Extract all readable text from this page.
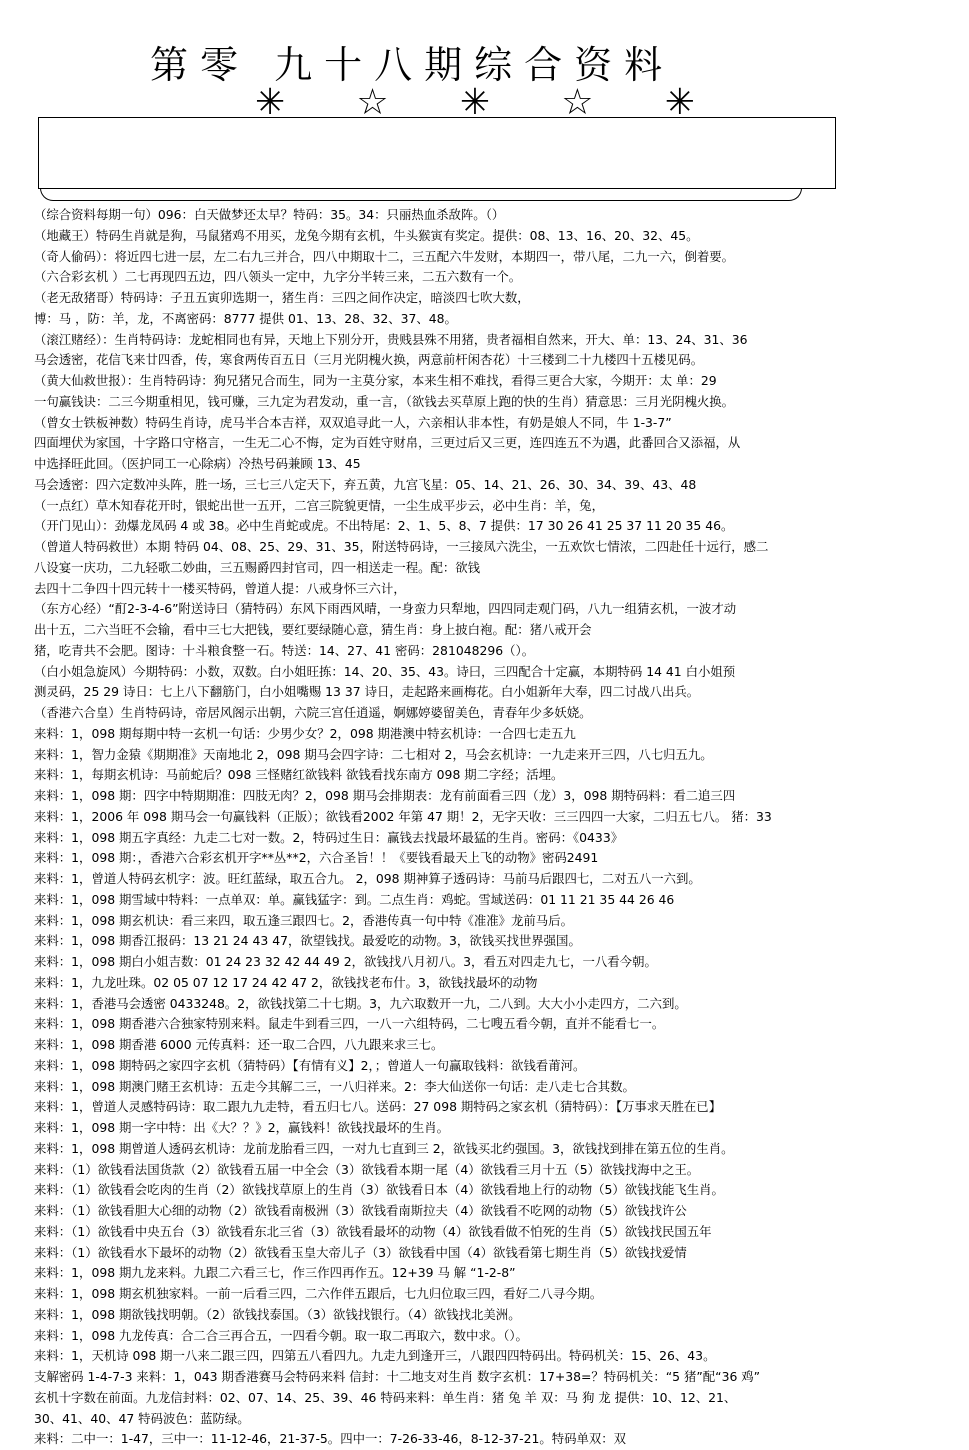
第零 九十八期综合资料
✳ ☆ ✳ ☆ ✳
（综合资料每期一句）096：白天做梦还太早？特码：35。34：只丽热血杀敌阵。（）
（地藏王）特码生肖就是狗，马鼠猪鸡不用买，龙兔今期有玄机，牛头猴寅有奖定。提供：08、13、16、20、32、45。
（奇人偷码）：将近四七进一层，左二右九三并合，四八中期取十二，三五配六牛发财，本期四一，带八尾，二九一六，倒着要。
（六合彩玄机 ）二七再现四五边，四八领头一定中，九字分半转三来，二五六数有一个。
（老无敌猪哥）特码诗：子丑五寅卯选期一，猪生肖：三四之间作决定，暗淡四七吹大数，
博：马 ，防：羊，龙，不离密码：8777 提供 01、13、28、32、37、48。
（滚江赌经）：生肖特码诗：龙蛇相同也有异，天地上下别分开，贵贱县殊不用猪，贵者福相自然来，开大、单：13、24、31、36
马会透密，花信飞来廿四香，传，寒食两传百五日（三月光阴槐火换，两意前杆闲杏花）十三楼到二十九楼四十五楼见码。
（黄大仙救世报）：生肖特码诗：狗兄猪兄合而生，同为一主莫分家，本来生相不难找，看得三更合大家，今期开：太 单：29
一句赢钱诀：二三今期重相见，钱可赚，三九定为君发动，重一言，（欲钱去买草原上跑的快的生肖）猜意思：三月光阴槐火换。
（曾女士铁板神数）特码生肖诗，虎马半合本吉祥，双双追寻此一人，六亲相认非本性，有奶是娘人不同，牛 1-3-7”
四面埋伏为家国，十字路口守格言，一生无二心不悔，定为百姓守财帛，三更过后又三更，连四连五不为遇，此番回合又添福，从
中选择旺此回。（医护同工一心除病）冷热号码兼顾 13、45
马会透密：四六定数冲头阵，胜一场，三七三八定天下，弃五黄，九宫飞星：05、14、21、26、30、34、39、43、48
（一点红）草木知春花开时，银蛇出世一五开，二宫三院貌更情，一尘生成平步云，必中生肖：羊，兔，
（开门见山）：劲爆龙凤码 4 或 38。必中生肖蛇或虎。不出特尾：2、1、5、8、7 提供：17 30 26 41 25 37 11 20 35 46。
（曾道人特码救世）本期 特码 04、08、25、29、31、35，附送特码诗，一三接凤六洗尘，一五欢饮七情浓，二四赴任十远行，感二
八设宴一庆功，二九轻歌二妙曲，三五赐爵四封官司，四一相送走一程。配：欲钱
去四十二争四十四元转十一楼买特码，曾道人提：八戒身怀三六计，
（东方心经）“酊2-3-4-6”附送诗曰（猜特码）东风下雨西风晴，一身蛮力只犁地，四四同走观门码，八九一组猜玄机，一波才动
出十五，二六当旺不会输，看中三七大把钱，要红要绿随心意，猜生肖：身上披白袍。配：猪八戒开会
猪，吃青共不会肥。图诗：十斗粮食整一石。特送：14、27、41 密码：281048296（）。
（白小姐急旋风）今期特码：小数，双数。白小姐旺拣：14、20、35、43。诗曰，三四配合十定赢，本期特码 14 41 白小姐预
测灵码，25 29 诗日：七上八下翻筋门，白小姐嘴赐 13 37 诗日，走起路来画梅花。白小姐新年大奉，四二讨战八出兵。
（香港六合皇）生肖特码诗，帝居风阁示出朝，六院三宫任逍遥，婀娜婷婆留美色，青春年少多妖娆。
来料：1，098 期每期中特一玄机一句话：少男少女？2，098 期港澳中特玄机诗：一合四七走五九
来料：1，智力金猿《期期准》天南地北 2，098 期马会四字诗：二七相对 2，马会玄机诗：一九走来开三四，八七归五九。
来料：1，每期玄机诗：马前蛇后？098 三怪赌红欲钱料 欲钱看找东南方 098 期二字经；活埋。
来料：1，098 期：四字中特期期准：四肢无肉？2，098 期马会排期表：龙有前面看三四（龙）3，098 期特码料：看二追三四
来料：1，2006 年 098 期马会一句赢钱料（正版）；欲钱看2002 年第 47 期！2，无字天收：三三四四一大家，二归五七八。 猪：33
来料：1，098 期五字真经：九走二七对一数。2，特码过生日：赢钱去找最坏最猛的生肖。密码：《0433》
来料：1，098 期：，香港六合彩玄机开字**丛**2，六合圣旨！！《要钱看最天上飞的动物》密码2491
来料：1，曾道人特码玄机字：波。旺红蓝绿，取五合九。 2，098 期神算子透码诗：马前马后跟四七，二对五八一六到。
来料：1，098 期雪域中特料：一点单双：单。赢钱猛字：到。二点生肖：鸡蛇。雪域送码：01 11 21 35 44 26 46
来料：1，098 期玄机诀：看三来四，取五逢三跟四七。2，香港传真一句中特《准准》龙前马后。
来料：1，098 期香江报码：13 21 24 43 47，欲望钱找。最爱吃的动物。3，欲钱买找世界强国。
来料：1，098 期白小姐吉数：01 24 23 32 42 44 49 2，欲钱找八月初八。3，看五对四走九七，一八看今朝。
来料：1，九龙吐珠。02 05 07 12 17 24 42 47 2，欲钱找老布什。3，欲钱找最坏的动物
来料：1，香港马会透密 0433248。2，欲钱找第二十七期。3，九六取数开一九，二八到。大大小小走四方，二六到。
来料：1，098 期香港六合独家特别来料。鼠走牛到看三四，一八一六组特码，二七嗖五看今朝，直并不能看七一。
来料：1，098 期香港 6000 元传真料：还一取二合四，八九跟来求三七。
来料：1，098 期特码之家四字玄机（猜特码）【有情有义】2，；曾道人一句赢取钱料：欲钱看莆河。
来料：1，098 期澳门赌王玄机诗：五走今其解二三，一八归祥来。2：李大仙送你一句话：走八走七合其数。
来料：1，曾道人灵感特码诗：取二跟九九走特，看五归七八。送码：27 098 期特码之家玄机（猜特码）：【万事求天胜在已】
来料：1，098 期一字中特：出《大？？》2，赢钱料！欲钱找最坏的生肖。
来料：1，098 期曾道人透码玄机诗：龙前龙胎看三四，一对九七直到三 2，欲钱买北约强国。3，欲钱找到排在第五位的生肖。
来料：（1）欲钱看法国货款（2）欲钱看五届一中全会（3）欲钱看本期一尾（4）欲钱看三月十五（5）欲钱找海中之王。
来料：（1）欲钱看会吃肉的生肖（2）欲钱找草原上的生肖（3）欲钱看日本（4）欲钱看地上行的动物（5）欲钱找能飞生肖。
来料：（1）欲钱看胆大心细的动物（2）欲钱看南极洲（3）欲钱看南斯拉夫（4）欲钱看不吃网的动物（5）欲钱找许公
来料：（1）欲钱看中央五台（3）欲钱看东北三省（3）欲钱看最坏的动物（4）欲钱看做不怕死的生肖（5）欲钱找民国五年
来料：（1）欲钱看水下最坏的动物（2）欲钱看玉皇大帝儿子（3）欲钱看中国（4）欲钱看第七期生肖（5）欲钱找爱情
来料：1，098 期九龙来料。九跟二六看三七，作三作四再作五。12+39 马 解 “1-2-8”
来料：1，098 期玄机独家料。一前一后看三四，二六作伴五跟后，七九归位取三四，看好二八寻今期。
来料：1，098 期欲钱找明朝。（2）欲钱找泰国。（3）欲钱找银行。（4）欲钱找北美洲。
来料：1，098 九龙传真：合二合三再合五，一四看今朝。取一取二再取六，数中求。（）。
来料：1，天机诗 098 期一八来二跟三四，四第五八看四九。九走九到逢开三，八跟四四特码出。特码机关：15、26、43。
支解密码 1-4-7-3 来料：1，043 期香港赛马会特码来料 信封：十二地支对生肖 数字玄机：17+38=？特码机关：“5 猪”配“36 鸡”
玄机十字数在前面。九龙信封料：02、07、14、25、39、46 特码来料：单生肖：猪 兔 羊 双：马 狗 龙 提供：10、12、21、
30、41、40、47 特码波色：蓝防绿。
来料：二中一：1-47，三中一：11-12-46，21-37-5。四中一：7-26-33-46，8-12-37-21。特码单双：双
